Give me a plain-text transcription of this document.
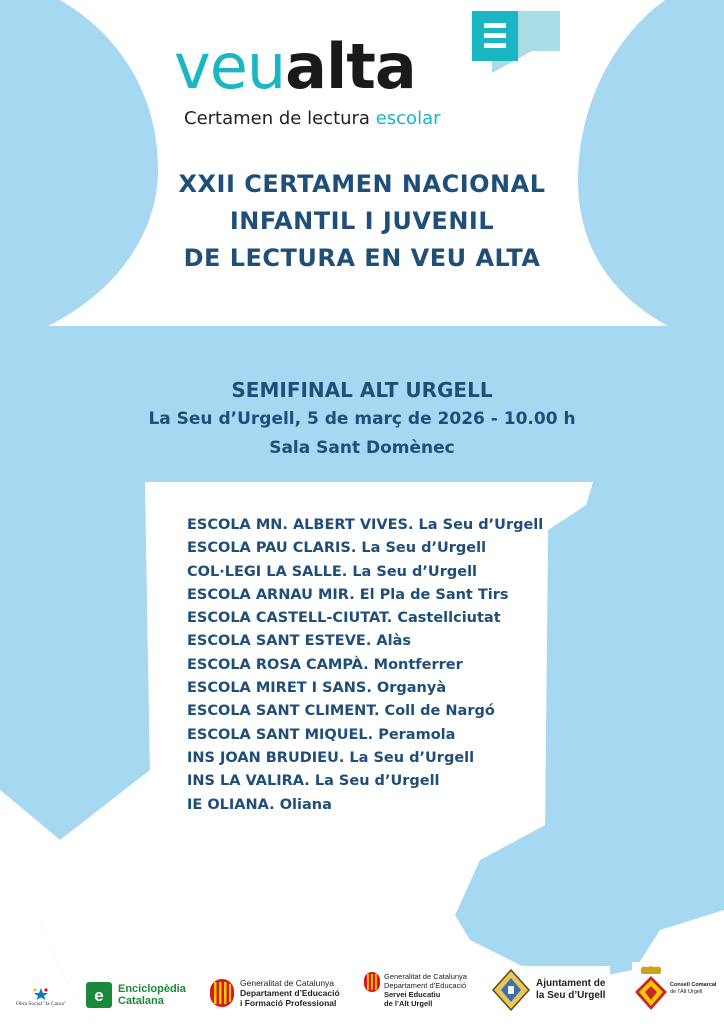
veualta
Certamen de lectura escolar
XXII CERTAMEN NACIONAL
INFANTIL I JUVENIL
DE LECTURA EN VEU ALTA
SEMIFINAL ALT URGELL
La Seu d’Urgell, 5 de març de 2026 - 10.00 h
Sala Sant Domènec
ESCOLA MN. ALBERT VIVES. La Seu d’Urgell
ESCOLA PAU CLARIS. La Seu d’Urgell
COL·LEGI LA SALLE. La Seu d’Urgell
ESCOLA ARNAU MIR. El Pla de Sant Tirs
ESCOLA CASTELL-CIUTAT. Castellciutat
ESCOLA SANT ESTEVE. Alàs
ESCOLA ROSA CAMPÀ. Montferrer
ESCOLA MIRET I SANS. Organyà
ESCOLA SANT CLIMENT. Coll de Nargó
ESCOLA SANT MIQUEL. Peramola
INS JOAN BRUDIEU. La Seu d’Urgell
INS LA VALIRA. La Seu d’Urgell
IE OLIANA. Oliana
Obra Social "la Caixa" e Enciclopèdia
Catalana
Generalitat de Catalunya
Departament d’Educació
i Formació Professional
Generalitat de Catalunya
Departament d’Educació
Servei Educatiu
de l’Alt Urgell
Ajuntament de
la Seu d’Urgell
Consell Comarcal
de l’Alt Urgell
